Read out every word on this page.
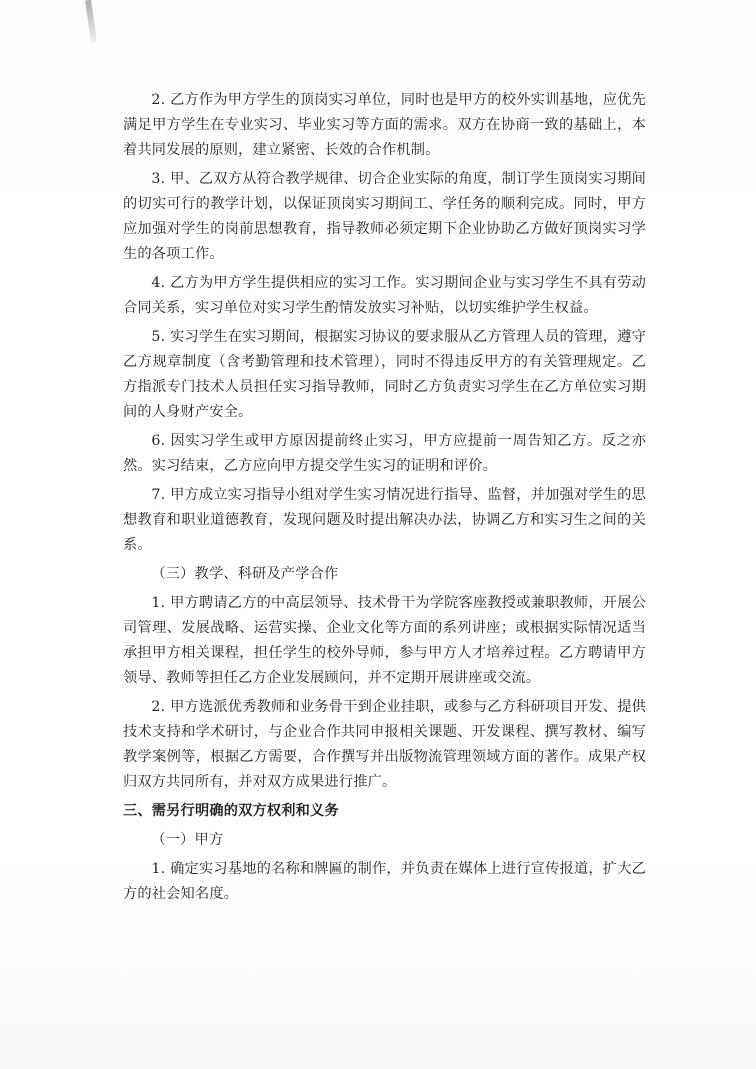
2. 乙方作为甲方学生的顶岗实习单位，同时也是甲方的校外实训基地，应优先满足甲方学生在专业实习、毕业实习等方面的需求。双方在协商一致的基础上，本着共同发展的原则，建立紧密、长效的合作机制。

3. 甲、乙双方从符合教学规律、切合企业实际的角度，制订学生顶岗实习期间的切实可行的教学计划，以保证顶岗实习期间工、学任务的顺利完成。同时，甲方应加强对学生的岗前思想教育，指导教师必须定期下企业协助乙方做好顶岗实习学生的各项工作。

4. 乙方为甲方学生提供相应的实习工作。实习期间企业与实习学生不具有劳动合同关系，实习单位对实习学生酌情发放实习补贴，以切实维护学生权益。

5. 实习学生在实习期间，根据实习协议的要求服从乙方管理人员的管理，遵守乙方规章制度（含考勤管理和技术管理），同时不得违反甲方的有关管理规定。乙方指派专门技术人员担任实习指导教师，同时乙方负责实习学生在乙方单位实习期间的人身财产安全。

6. 因实习学生或甲方原因提前终止实习，甲方应提前一周告知乙方。反之亦然。实习结束，乙方应向甲方提交学生实习的证明和评价。

7. 甲方成立实习指导小组对学生实习情况进行指导、监督，并加强对学生的思想教育和职业道德教育，发现问题及时提出解决办法，协调乙方和实习生之间的关系。

（三）教学、科研及产学合作

1. 甲方聘请乙方的中高层领导、技术骨干为学院客座教授或兼职教师，开展公司管理、发展战略、运营实操、企业文化等方面的系列讲座；或根据实际情况适当承担甲方相关课程，担任学生的校外导师，参与甲方人才培养过程。乙方聘请甲方领导、教师等担任乙方企业发展顾问，并不定期开展讲座或交流。

2. 甲方选派优秀教师和业务骨干到企业挂职，或参与乙方科研项目开发、提供技术支持和学术研讨，与企业合作共同申报相关课题、开发课程、撰写教材、编写教学案例等，根据乙方需要，合作撰写并出版物流管理领域方面的著作。成果产权归双方共同所有，并对双方成果进行推广。

三、需另行明确的双方权利和义务

（一）甲方

1. 确定实习基地的名称和牌匾的制作，并负责在媒体上进行宣传报道，扩大乙方的社会知名度。
